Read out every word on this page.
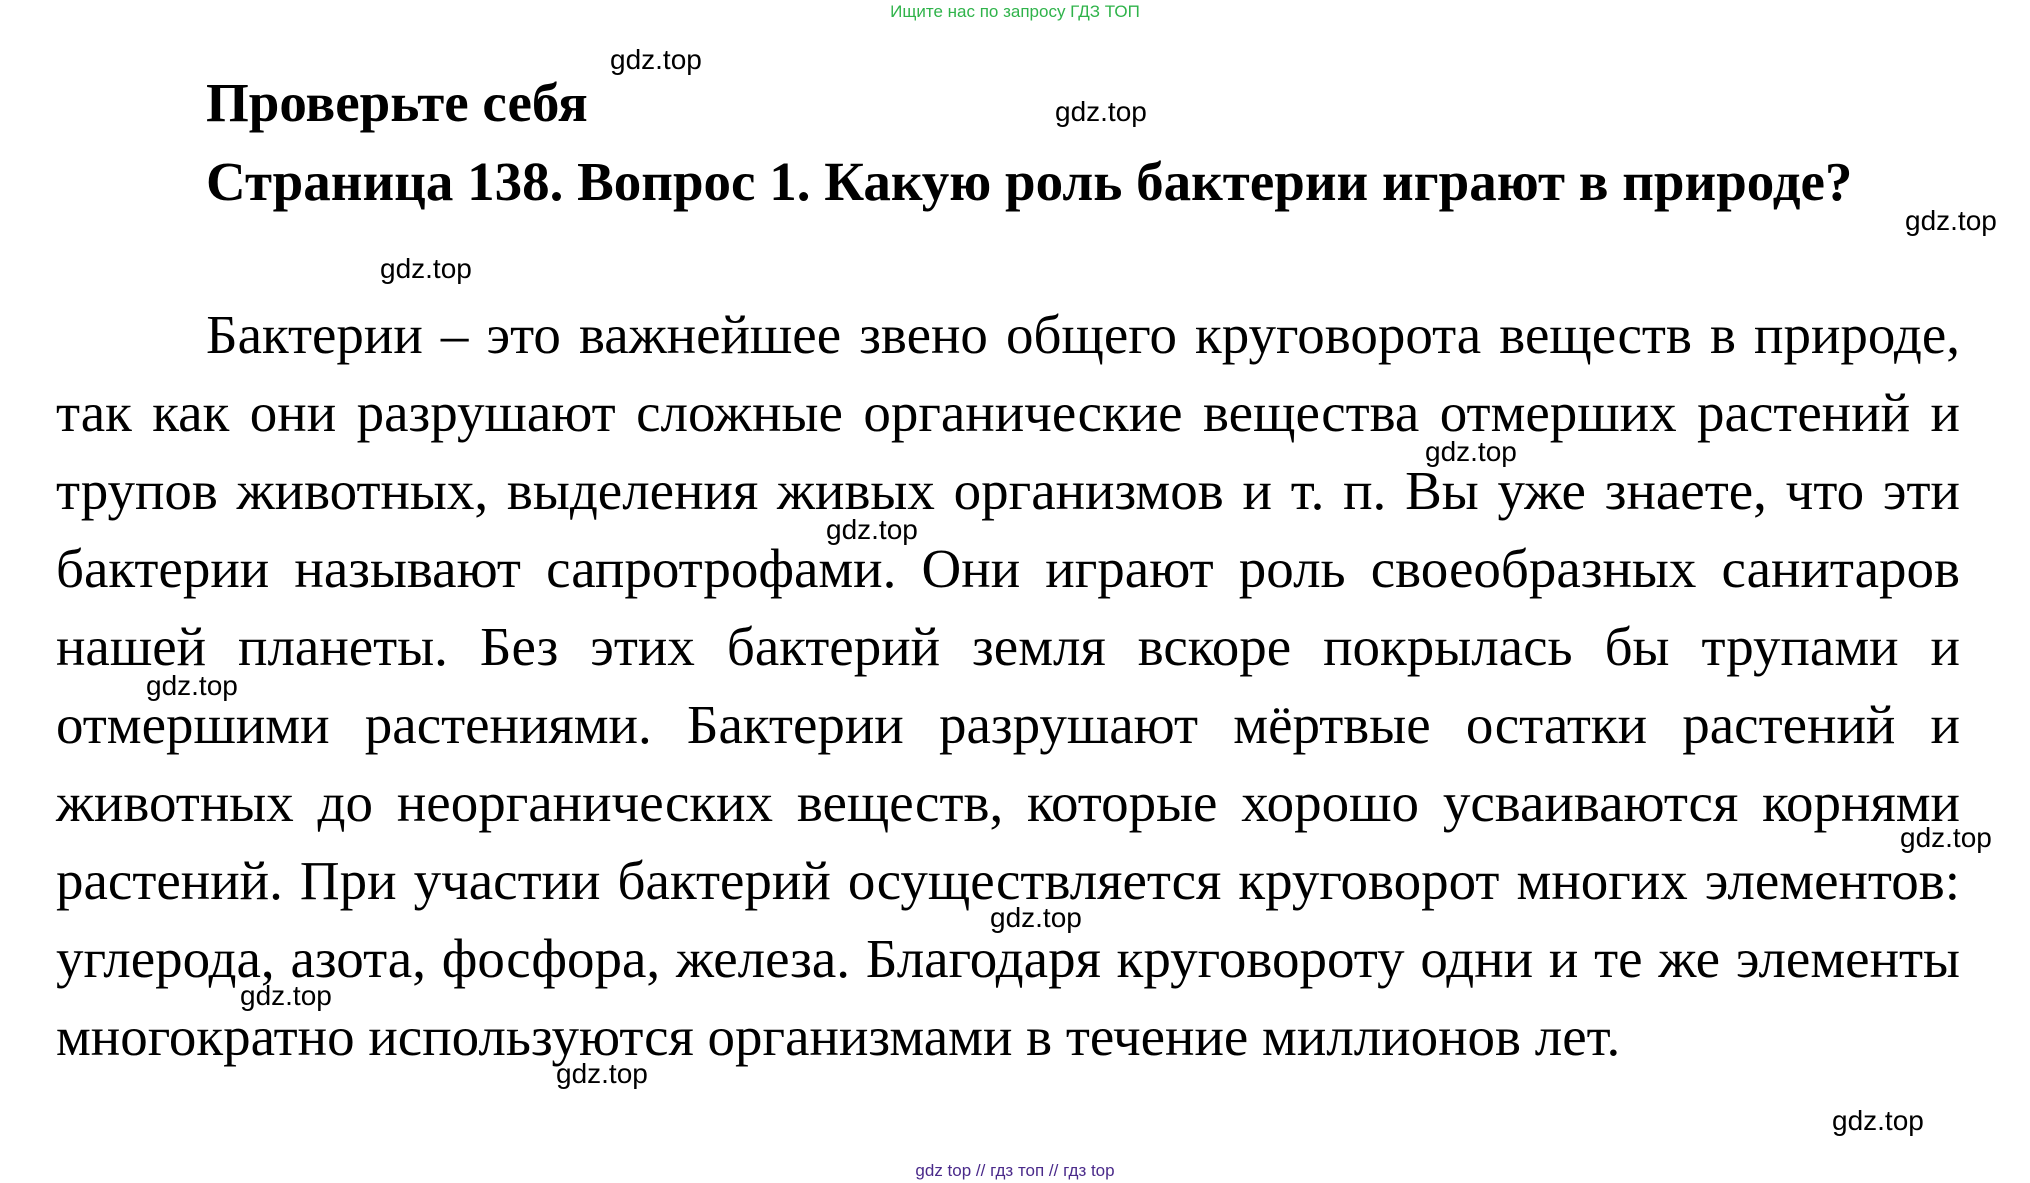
Ищите нас по запросу ГДЗ ТОП
Проверьте себя
Страница 138. Вопрос 1. Какую роль бактерии играют в природе?
Бактерии – это важнейшее звено общего круговорота веществ в природе, так как они разрушают сложные органические вещества отмерших растений и трупов животных, выделения живых организмов и т. п. Вы уже знаете, что эти бактерии называют сапротрофами. Они играют роль своеобразных санитаров нашей планеты. Без этих бактерий земля вскоре покрылась бы трупами и отмершими растениями. Бактерии разрушают мёртвые остатки растений и животных до неорганических веществ, которые хорошо усваиваются корнями растений. При участии бактерий осуществляется круговорот многих элементов: углерода, азота, фосфора, железа. Благодаря круговороту одни и те же элементы многократно используются организмами в течение миллионов лет.
gdz.top
gdz.top
gdz.top
gdz.top
gdz.top
gdz.top
gdz.top
gdz.top
gdz.top
gdz.top
gdz.top
gdz.top
gdz top // гдз топ // гдз top
